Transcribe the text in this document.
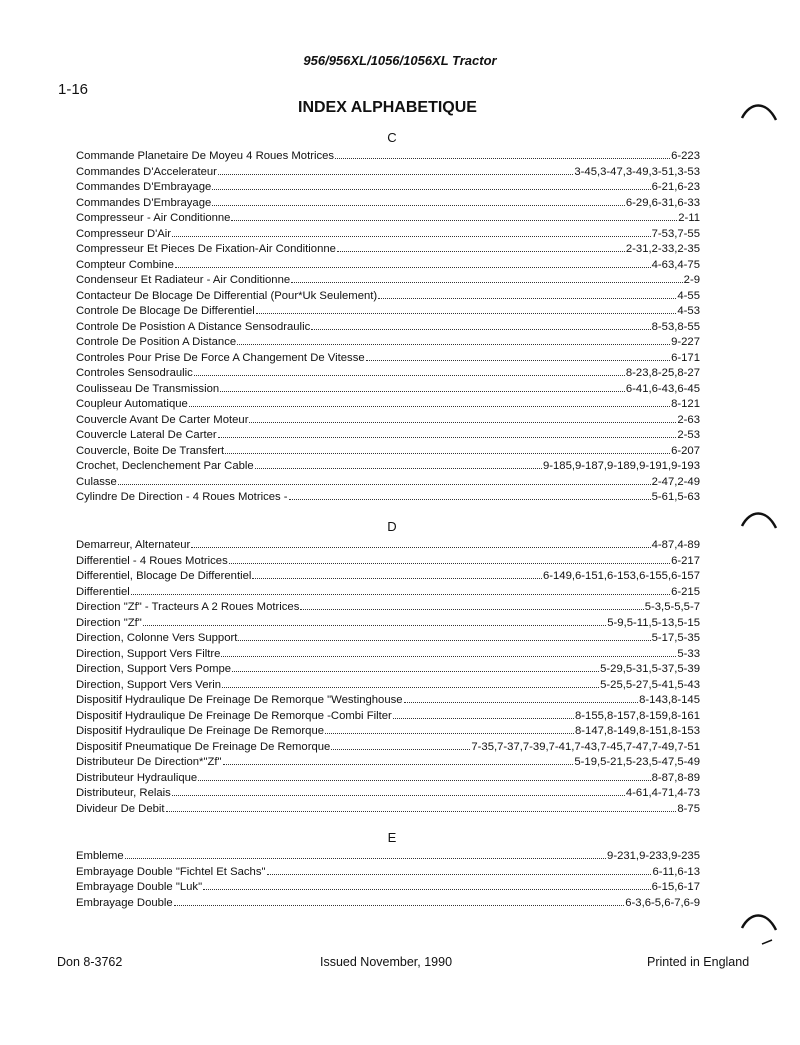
956/956XL/1056/1056XL Tractor
1-16
INDEX ALPHABETIQUE
C
Commande Planetaire De Moyeu 4 Roues Motrices	6-223
Commandes D'Accelerateur	3-45,3-47,3-49,3-51,3-53
Commandes D'Embrayage	6-21,6-23
Commandes D'Embrayage	6-29,6-31,6-33
Compresseur - Air Conditionne	2-11
Compresseur D'Air	7-53,7-55
Compresseur Et Pieces De Fixation-Air Conditionne	2-31,2-33,2-35
Compteur Combine	4-63,4-75
Condenseur Et Radiateur - Air Conditionne	2-9
Contacteur De Blocage De Differential (Pour*Uk Seulement)	4-55
Controle De Blocage De Differentiel	4-53
Controle De Posistion A Distance Sensodraulic	8-53,8-55
Controle De Position A Distance	9-227
Controles Pour Prise De Force A Changement De Vitesse	6-171
Controles Sensodraulic	8-23,8-25,8-27
Coulisseau De Transmission	6-41,6-43,6-45
Coupleur Automatique	8-121
Couvercle Avant De Carter Moteur	2-63
Couvercle Lateral De Carter	2-53
Couvercle, Boite De Transfert	6-207
Crochet, Declenchement Par Cable	9-185,9-187,9-189,9-191,9-193
Culasse	2-47,2-49
Cylindre De Direction - 4 Roues Motrices -	5-61,5-63
D
Demarreur, Alternateur	4-87,4-89
Differentiel - 4 Roues Motrices	6-217
Differentiel, Blocage De Differentiel	6-149,6-151,6-153,6-155,6-157
Differentiel	6-215
Direction "Zf" - Tracteurs A 2 Roues Motrices	5-3,5-5,5-7
Direction "Zf"	5-9,5-11,5-13,5-15
Direction, Colonne Vers Support	5-17,5-35
Direction, Support Vers Filtre	5-33
Direction, Support Vers Pompe	5-29,5-31,5-37,5-39
Direction, Support Vers Verin	5-25,5-27,5-41,5-43
Dispositif Hydraulique De Freinage De Remorque "Westinghouse	8-143,8-145
Dispositif Hydraulique De Freinage De Remorque -Combi Filter	8-155,8-157,8-159,8-161
Dispositif Hydraulique De Freinage De Remorque	8-147,8-149,8-151,8-153
Dispositif Pneumatique De Freinage De Remorque	7-35,7-37,7-39,7-41,7-43,7-45,7-47,7-49,7-51
Distributeur De Direction*"Zf"	5-19,5-21,5-23,5-47,5-49
Distributeur Hydraulique	8-87,8-89
Distributeur, Relais	4-61,4-71,4-73
Divideur De Debit	8-75
E
Embleme	9-231,9-233,9-235
Embrayage Double "Fichtel Et Sachs"	6-11,6-13
Embrayage Double "Luk"	6-15,6-17
Embrayage Double	6-3,6-5,6-7,6-9
Don 8-3762	Issued November, 1990	Printed in England
